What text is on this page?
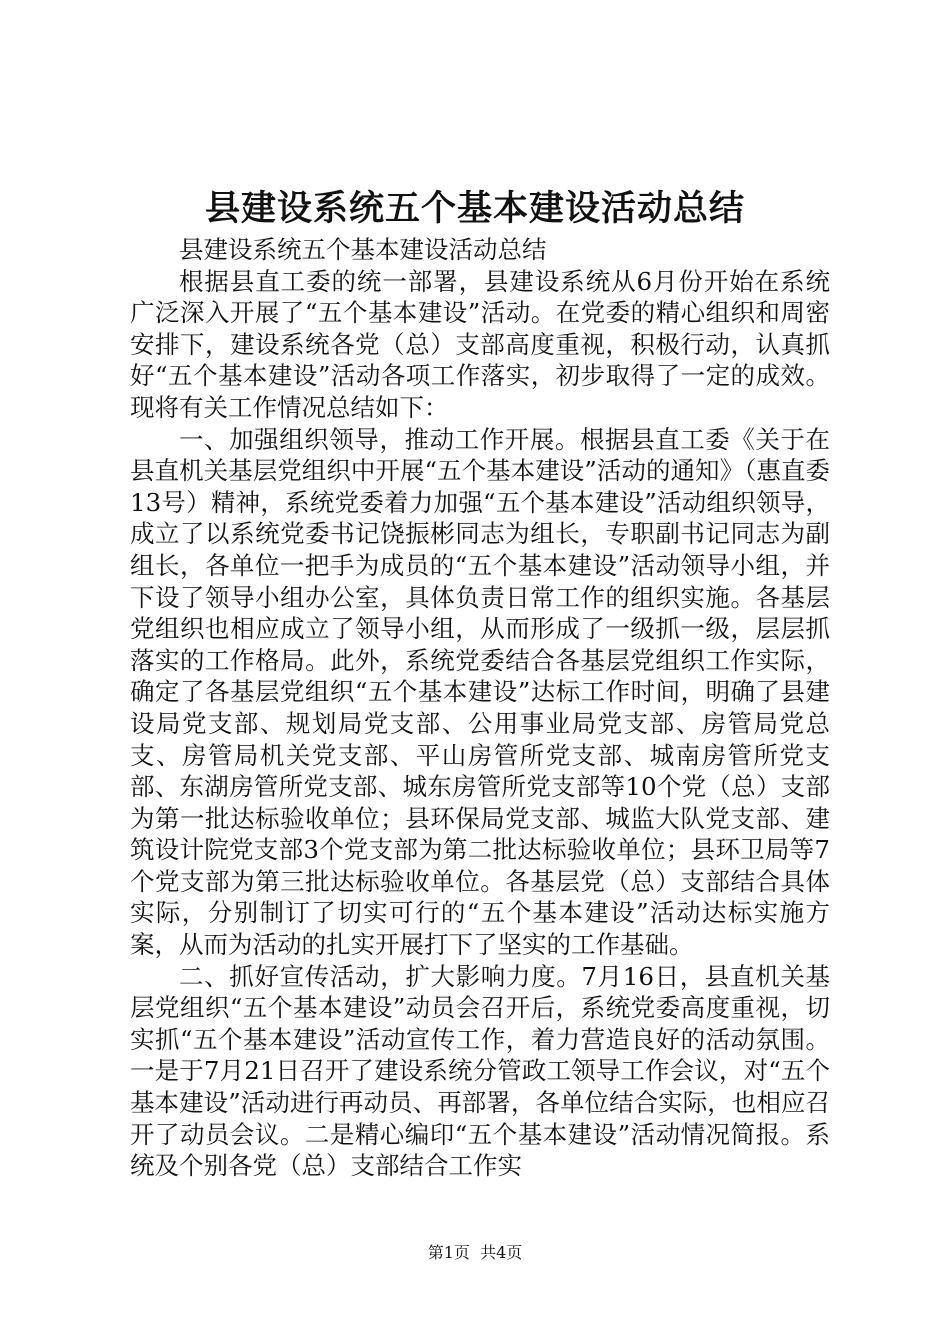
县建设系统五个基本建设活动总结

县建设系统五个基本建设活动总结

根据县直工委的统一部署，县建设系统从6月份开始在系统广泛深入开展了“五个基本建设”活动。在党委的精心组织和周密安排下，建设系统各党（总）支部高度重视，积极行动，认真抓好“五个基本建设”活动各项工作落实，初步取得了一定的成效。现将有关工作情况总结如下：

一、加强组织领导，推动工作开展。根据县直工委《关于在县直机关基层党组织中开展“五个基本建设”活动的通知》（惠直委13号）精神，系统党委着力加强“五个基本建设”活动组织领导，成立了以系统党委书记饶振彬同志为组长，专职副书记同志为副组长，各单位一把手为成员的“五个基本建设”活动领导小组，并下设了领导小组办公室，具体负责日常工作的组织实施。各基层党组织也相应成立了领导小组，从而形成了一级抓一级，层层抓落实的工作格局。此外，系统党委结合各基层党组织工作实际，确定了各基层党组织“五个基本建设”达标工作时间，明确了县建设局党支部、规划局党支部、公用事业局党支部、房管局党总支、房管局机关党支部、平山房管所党支部、城南房管所党支部、东湖房管所党支部、城东房管所党支部等10个党（总）支部为第一批达标验收单位；县环保局党支部、城监大队党支部、建筑设计院党支部3个党支部为第二批达标验收单位；县环卫局等7个党支部为第三批达标验收单位。各基层党（总）支部结合具体实际，分别制订了切实可行的“五个基本建设”活动达标实施方案，从而为活动的扎实开展打下了坚实的工作基础。

二、抓好宣传活动，扩大影响力度。7月16日，县直机关基层党组织“五个基本建设”动员会召开后，系统党委高度重视，切实抓“五个基本建设”活动宣传工作，着力营造良好的活动氛围。一是于7月21日召开了建设系统分管政工领导工作会议，对“五个基本建设”活动进行再动员、再部署，各单位结合实际，也相应召开了动员会议。二是精心编印“五个基本建设”活动情况简报。系统及个别各党（总）支部结合工作实

第1页 共4页
